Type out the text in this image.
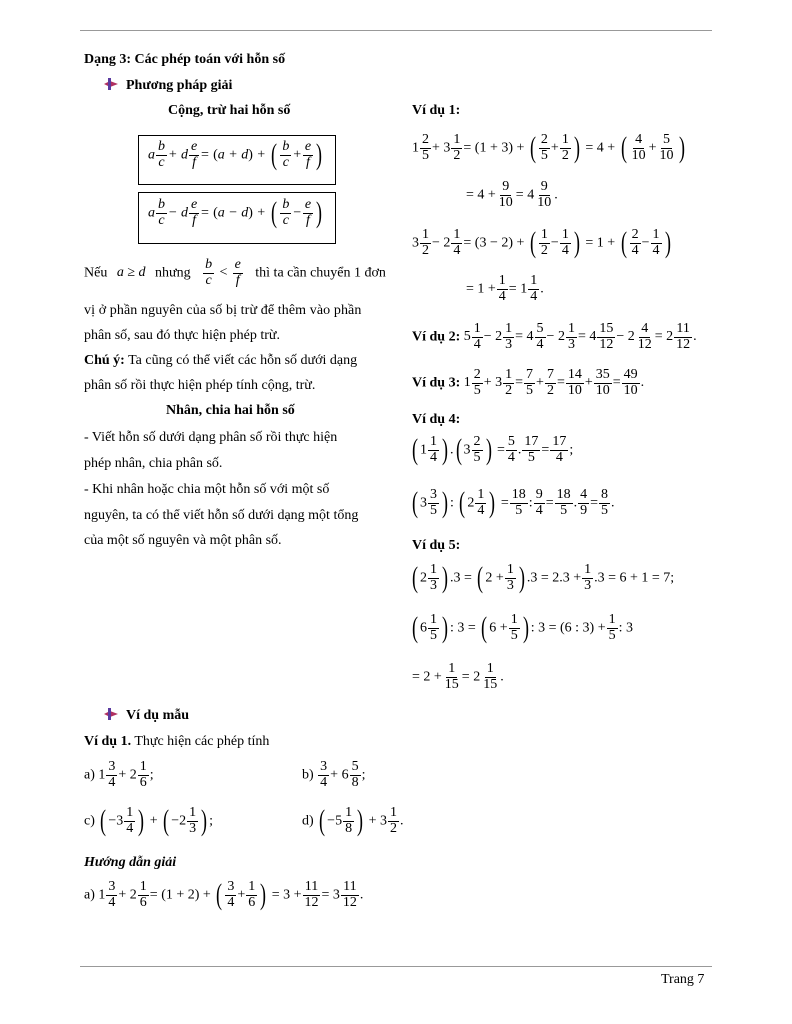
Dạng 3: Các phép toán với hỗn số
Phương pháp giải
Cộng, trừ hai hỗn số
a $\frac{b}{c} + d \frac{e}{f} = (a + d)$ + ( $\frac{b}{c} + \frac{e}{f}$ )
a $\frac{b}{c} - d \frac{e}{f} = (a - d)$ + ( $\frac{b}{c} - \frac{e}{f}$ )
Nếu a ≥ d nhưng $\frac{b}{c} < \frac{e}{f}$ thì ta cần chuyển 1 đơn
vị ở phần nguyên của số bị trừ để thêm vào phần
phân số, sau đó thực hiện phép trừ.
Chú ý: Ta cũng có thể viết các hỗn số dưới dạng
phân số rồi thực hiện phép tính cộng, trừ.
Nhân, chia hai hỗn số
- Viết hỗn số dưới dạng phân số rồi thực hiện
phép nhân, chia phân số.
- Khi nhân hoặc chia một hỗn số với một số
nguyên, ta có thể viết hỗn số dưới dạng một tổng
của một số nguyên và một phân số.
Ví dụ 1:
$1 \frac{2}{5} + 3 \frac{1}{2} = (1 + 3)$ + ( $\frac{2}{5} + \frac{1}{2}$ ) = 4 + ( $\frac{4}{10} + \frac{5}{10}$ )
= $4 + \frac{9}{10} = 4 \frac{9}{10}$ .
$3 \frac{1}{2} - 2 \frac{1}{4} = (3 - 2)$ + ( $\frac{1}{2} - \frac{1}{4}$ ) = 1 + ( $\frac{2}{4} - \frac{1}{4}$ )
= $1 + \frac{1}{4} = 1 \frac{1}{4}$ .
Ví dụ 2: $5 \frac{1}{4} - 2 \frac{1}{3} = 4 \frac{5}{4} - 2 \frac{1}{3} = 4 \frac{15}{12} - 2 \frac{4}{12} = 2 \frac{11}{12}$ .
Ví dụ 3: $1 \frac{2}{5} + 3 \frac{1}{2} = \frac{7}{5} + \frac{7}{2} = \frac{14}{10} + \frac{35}{10} = \frac{49}{10}$ .
Ví dụ 4:
( $1 \frac{1}{4}$ ) .( $3 \frac{2}{5}$ ) = $\frac{5}{4}$ . $\frac{17}{5} = \frac{17}{4}$ ;
( $3 \frac{3}{5}$ ) : ( $2 \frac{1}{4}$ ) = $\frac{18}{5}$ : $\frac{9}{4} = \frac{18}{5}$ . $\frac{4}{9} = \frac{8}{5}$ .
Ví dụ 5:
( $2 \frac{1}{3}$ ) .3 = ( $2 + \frac{1}{3}$ ) $.3 = 2.3 + \frac{1}{3} .3 = 6 + 1 = 7$;
( $6 \frac{1}{5}$ ) : 3 = ( $6 + \frac{1}{5}$ ) : 3 = (6 : $3) + \frac{1}{5}$ : 3
= $2 + \frac{1}{15} = 2 \frac{1}{15}$ .
Ví dụ mẫu
Ví dụ 1. Thực hiện các phép tính
a) $1 \frac{3}{4} + 2 \frac{1}{6}$ ;	$b) \frac{3}{4} + 6 \frac{5}{8}$ ;
c) ( $-3 \frac{1}{4}$ ) + ( $-2 \frac{1}{3}$ ) ;	d) ( $-5 \frac{1}{8}$ ) + $3 \frac{1}{2}$ .
Hướng dẫn giải
a) $1 \frac{3}{4} + 2 \frac{1}{6} = (1 + 2)$ + ( $\frac{3}{4} + \frac{1}{6}$ ) = $3 + \frac{11}{12} = 3 \frac{11}{12}$ .
Trang 7
